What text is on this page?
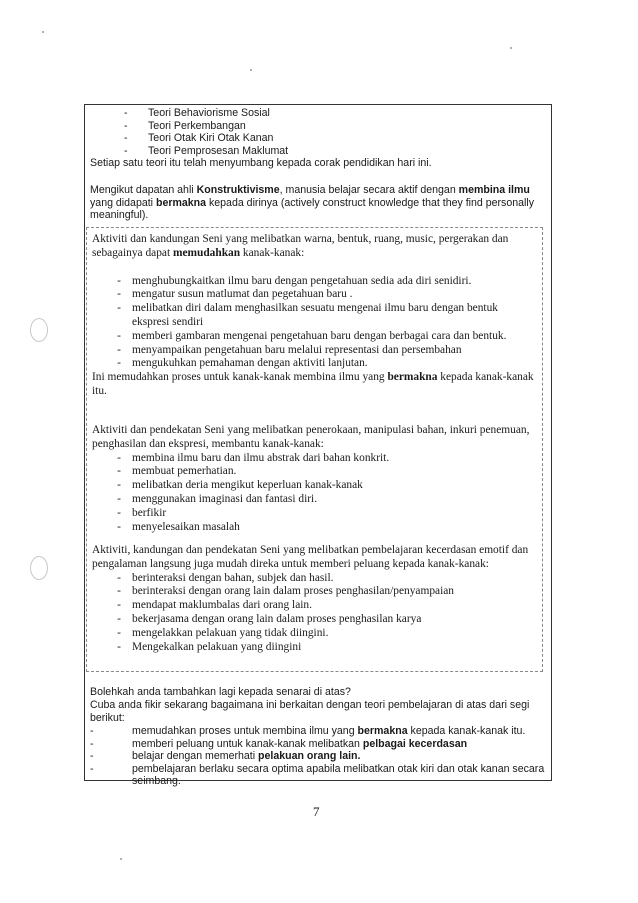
-	Teori Behaviorisme Sosial
-	Teori Perkembangan
-	Teori Otak Kiri Otak Kanan
-	Teori Pemprosesan Maklumat
Setiap satu teori itu telah menyumbang kepada corak pendidikan hari ini.
Mengikut dapatan ahli Konstruktivisme, manusia belajar secara aktif dengan membina ilmu yang didapati bermakna kepada dirinya (actively construct knowledge that they find personally meaningful).
Aktiviti dan kandungan Seni yang melibatkan warna, bentuk, ruang, music, pergerakan dan sebagainya dapat memudahkan kanak-kanak:
- menghubungkaitkan ilmu baru dengan pengetahuan sedia ada diri senidiri.
- mengatur susun matlumat dan pegetahuan baru .
- melibatkan diri dalam menghasilkan sesuatu mengenai ilmu baru dengan bentuk ekspresi sendiri
- memberi gambaran mengenai pengetahuan baru dengan berbagai cara dan bentuk.
- menyampaikan pengetahuan baru melalui representasi dan persembahan
- mengukuhkan pemahaman dengan aktiviti lanjutan.
Ini memudahkan proses untuk kanak-kanak membina ilmu yang bermakna kepada kanak-kanak itu.
Aktiviti dan pendekatan Seni yang melibatkan penerokaan, manipulasi bahan, inkuri penemuan, penghasilan dan ekspresi, membantu kanak-kanak:
- membina ilmu baru dan ilmu abstrak dari bahan konkrit.
- membuat pemerhatian.
- melibatkan deria mengikut keperluan kanak-kanak
- menggunakan imaginasi dan fantasi diri.
- berfikir
- menyelesaikan masalah
Aktiviti, kandungan dan pendekatan Seni yang melibatkan pembelajaran kecerdasan emotif dan pengalaman langsung juga mudah direka untuk memberi peluang kepada kanak-kanak:
- berinteraksi dengan bahan, subjek dan hasil.
- berinteraksi dengan orang lain dalam proses penghasilan/penyampaian
- mendapat maklumbalas dari orang lain.
- bekerjasama dengan orang lain dalam proses penghasilan karya
- mengelakkan pelakuan yang tidak diingini.
- Mengekalkan pelakuan yang diingini
Bolehkah anda tambahkan lagi kepada senarai di atas?
Cuba anda fikir sekarang bagaimana ini berkaitan dengan teori pembelajaran di atas dari segi berikut:
-	memudahkan proses untuk membina ilmu yang bermakna kepada kanak-kanak itu.
-	memberi peluang untuk kanak-kanak melibatkan pelbagai kecerdasan
-	belajar dengan memerhati pelakuan orang lain.
-	pembelajaran berlaku secara optima apabila melibatkan otak kiri dan otak kanan secara seimbang.
7
